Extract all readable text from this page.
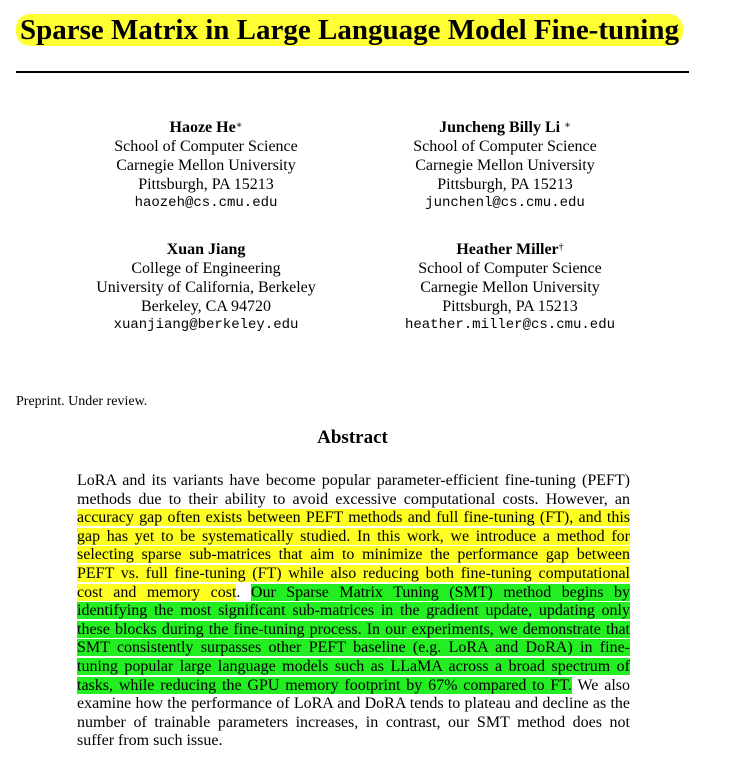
Sparse Matrix in Large Language Model Fine-tuning
Haoze He∗
School of Computer Science
Carnegie Mellon University
Pittsburgh, PA 15213
haozeh@cs.cmu.edu
Juncheng Billy Li ∗
School of Computer Science
Carnegie Mellon University
Pittsburgh, PA 15213
junchenl@cs.cmu.edu
Xuan Jiang
College of Engineering
University of California, Berkeley
Berkeley, CA 94720
xuanjiang@berkeley.edu
Heather Miller†
School of Computer Science
Carnegie Mellon University
Pittsburgh, PA 15213
heather.miller@cs.cmu.edu
Preprint. Under review.
Abstract

LoRA and its variants have become popular parameter-efficient fine-tuning (PEFT) methods due to their ability to avoid excessive computational costs. However, an accuracy gap often exists between PEFT methods and full fine-tuning (FT), and this gap has yet to be systematically studied. In this work, we introduce a method for selecting sparse sub-matrices that aim to minimize the performance gap between PEFT vs. full fine-tuning (FT) while also reducing both fine-tuning computational cost and memory cost. Our Sparse Matrix Tuning (SMT) method begins by identifying the most significant sub-matrices in the gradient update, updating only these blocks during the fine-tuning process. In our experiments, we demonstrate that SMT consistently surpasses other PEFT baseline (e.g. LoRA and DoRA) in fine-tuning popular large language models such as LLaMA across a broad spectrum of tasks, while reducing the GPU memory footprint by 67% compared to FT. We also examine how the performance of LoRA and DoRA tends to plateau and decline as the number of trainable parameters increases, in contrast, our SMT method does not suffer from such issue.
